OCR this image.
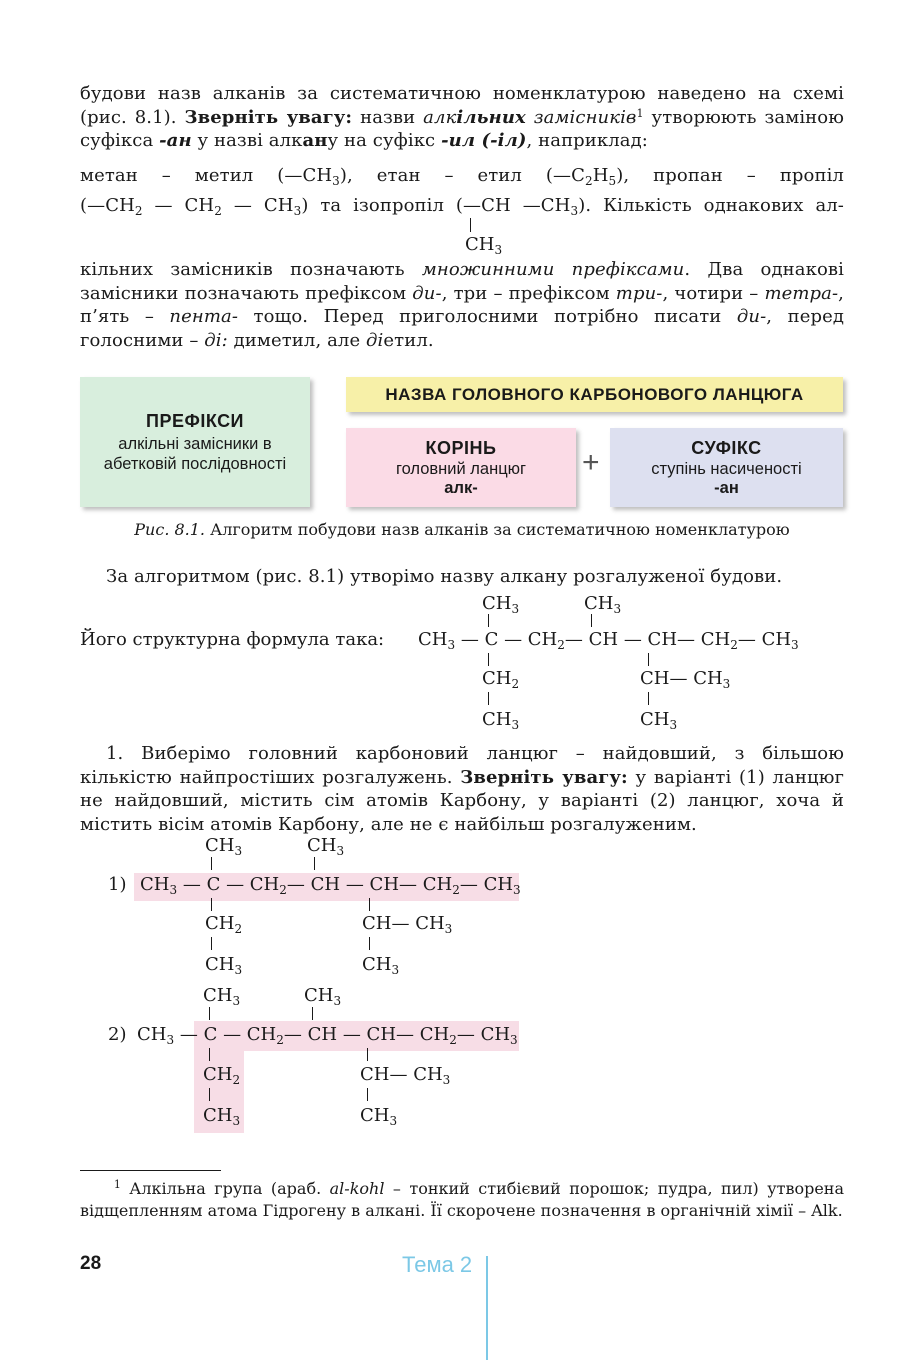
будови назв алканів за систематичною номенклатурою наведено на схемі (рис. 8.1). Зверніть увагу: назви алкільних замісників$^1$ утворюють заміною суфікса -ан у назві алкану на суфікс -ил (-іл), наприклад:
метан – метил $(—CH_3)$, етан – етил $(—C_2H_5)$, пропан – пропіл
($—CH_2$ — $CH_2$ — $CH_3$) та ізопропіл (—CH $—CH_3$). Кількість однакових ал-
$CH_3$
кільних замісників позначають множинними префіксами. Два однакові замісники позначають префіксом ди-, три – префіксом три-, чотири – тетра-, п’ять – пента- тощо. Перед приголосними потрібно писати ди-, перед голосними – ді: диметил, але діетил.
ПРЕФІКСИ
алкільні замісники в абетковій послідовності
НАЗВА ГОЛОВНОГО КАРБОНОВОГО ЛАНЦЮГА
КОРІНЬ
головний ланцюг
алк-
+	СУФІКС
ступінь насиченості
-ан
Рис. 8.1. Алгоритм побудови назв алканів за систематичною номенклатурою
За алгоритмом (рис. 8.1) утворімо назву алкану розгалуженої будови.
Його структурна формула така:
$CH_3$	$CH_3$
$CH_3$ — C — $CH_2—$ CH — CH— $CH_2—$ $CH_3$
$CH_2$	CH— $CH_3$
$CH_3$	$CH_3$
1. Виберімо головний карбоновий ланцюг – найдовший, з більшою кількістю найпростіших розгалужень. Зверніть увагу: у варіанті (1) ланцюг не найдовший, містить сім атомів Карбону, у варіанті (2) ланцюг, хоча й містить вісім атомів Карбону, але не є найбільш розгалуженим.
$CH_3$	$CH_3$
1) $CH_3$ — C — $CH_2—$ CH — CH— $CH_2—$ $CH_3$
$CH_2$	CH— $CH_3$
$CH_3$	$CH_3$
$CH_3$	$CH_3$
2) $CH_3$ — C — $CH_2—$ CH — CH— $CH_2—$ $CH_3$
$CH_2$	CH— $CH_3$
$CH_3$	$CH_3$
$^1$ Алкільна група (араб. al-kohl – тонкий стибієвий порошок; пудра, пил) утворена відщепленням атома Гідрогену в алкані. Її скорочене позначення в органічній хімії – Alk.
28	Тема 2
